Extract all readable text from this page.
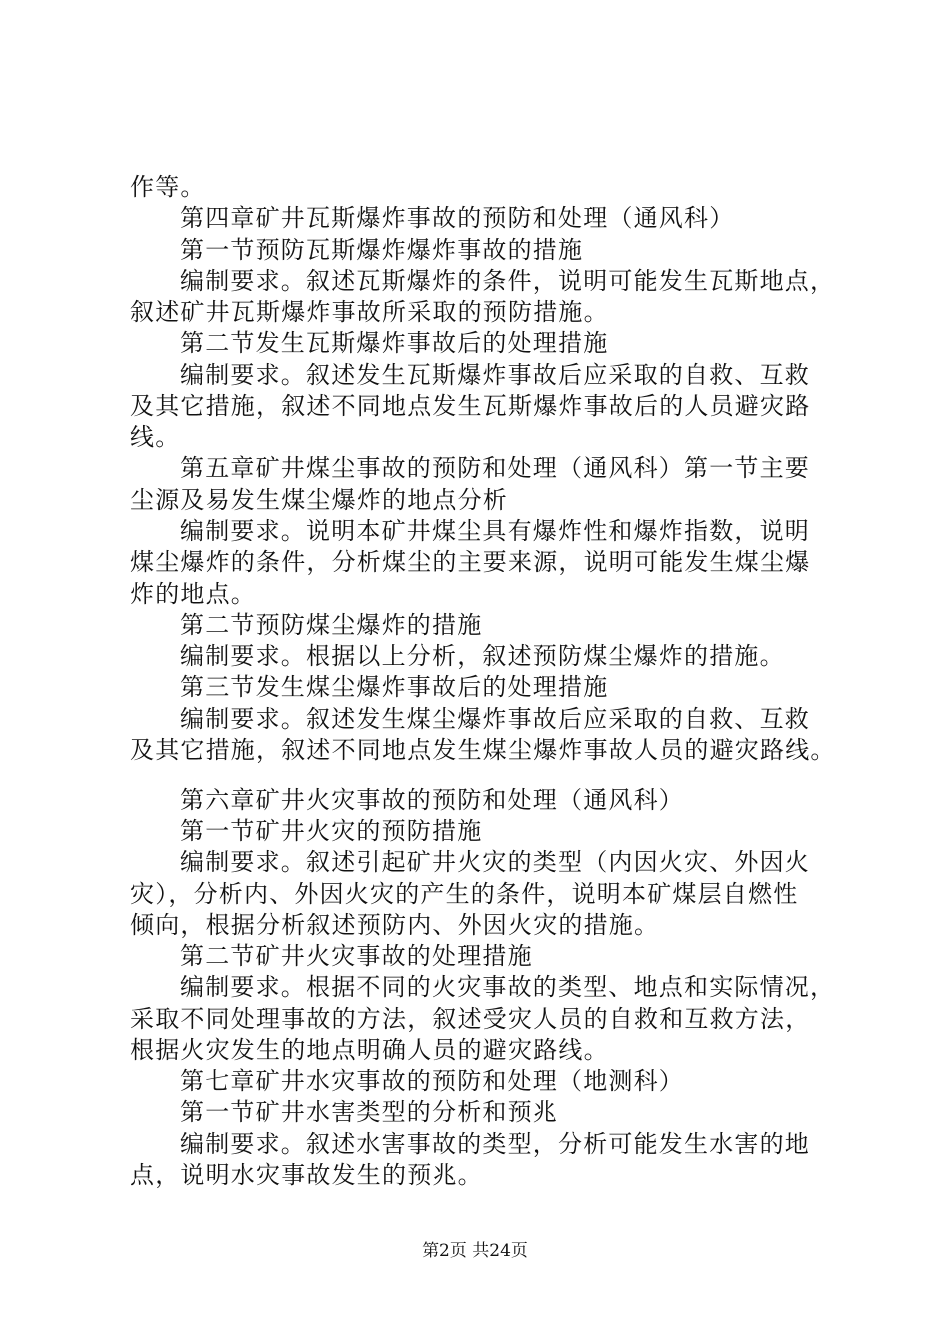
作等。
第四章矿井瓦斯爆炸事故的预防和处理（通风科）
第一节预防瓦斯爆炸爆炸事故的措施
编制要求。叙述瓦斯爆炸的条件，说明可能发生瓦斯地点，
叙述矿井瓦斯爆炸事故所采取的预防措施。
第二节发生瓦斯爆炸事故后的处理措施
编制要求。叙述发生瓦斯爆炸事故后应采取的自救、互救
及其它措施，叙述不同地点发生瓦斯爆炸事故后的人员避灾路
线。
第五章矿井煤尘事故的预防和处理（通风科）第一节主要
尘源及易发生煤尘爆炸的地点分析
编制要求。说明本矿井煤尘具有爆炸性和爆炸指数，说明
煤尘爆炸的条件，分析煤尘的主要来源，说明可能发生煤尘爆
炸的地点。
第二节预防煤尘爆炸的措施
编制要求。根据以上分析，叙述预防煤尘爆炸的措施。
第三节发生煤尘爆炸事故后的处理措施
编制要求。叙述发生煤尘爆炸事故后应采取的自救、互救
及其它措施，叙述不同地点发生煤尘爆炸事故人员的避灾路线。
第六章矿井火灾事故的预防和处理（通风科）
第一节矿井火灾的预防措施
编制要求。叙述引起矿井火灾的类型（内因火灾、外因火
灾），分析内、外因火灾的产生的条件，说明本矿煤层自燃性
倾向，根据分析叙述预防内、外因火灾的措施。
第二节矿井火灾事故的处理措施
编制要求。根据不同的火灾事故的类型、地点和实际情况，
采取不同处理事故的方法，叙述受灾人员的自救和互救方法，
根据火灾发生的地点明确人员的避灾路线。
第七章矿井水灾事故的预防和处理（地测科）
第一节矿井水害类型的分析和预兆
编制要求。叙述水害事故的类型，分析可能发生水害的地
点，说明水灾事故发生的预兆。
第2页 共24页
